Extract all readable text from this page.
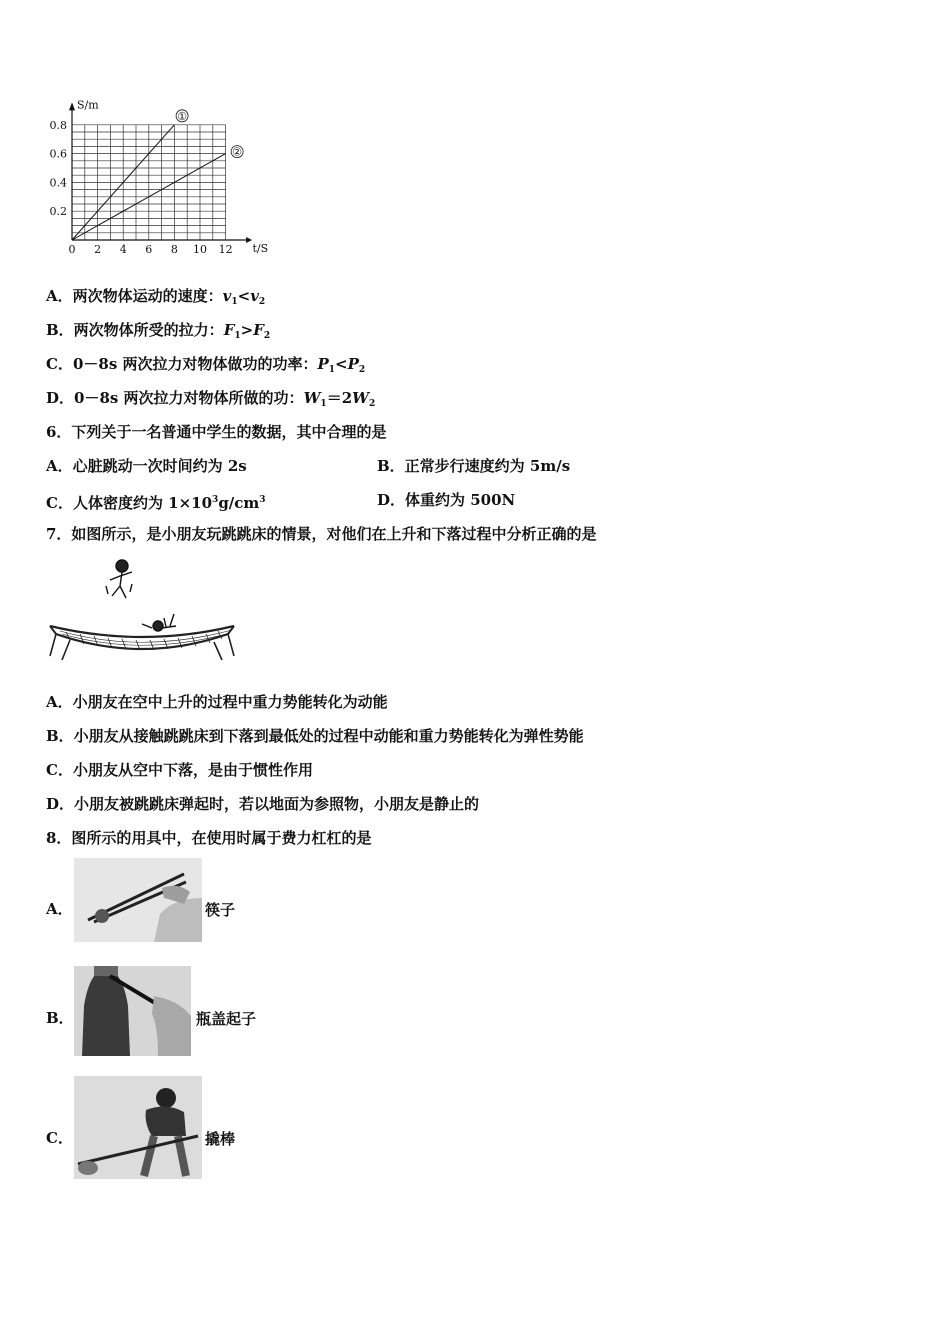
0 2 4 6 8 10 12
0.8
0.6
0.4
0.2
t/S
S/m
①
②
A．两次物体运动的速度：$v_1<v_2$
B．两次物体所受的拉力：$F_1>F_2$
C．0－8s 两次拉力对物体做功的功率：$P_1<P_2$
D．0－8s 两次拉力对物体所做的功：$W_1=2W_2$
6．下列关于一名普通中学生的数据，其中合理的是
A．心脏跳动一次时间约为 2s	B．正常步行速度约为 5m/s
C．人体密度约为 $1\times 10^3g/cm^3$	D．体重约为 500N
7．如图所示，是小朋友玩跳跳床的情景，对他们在上升和下落过程中分析正确的是
A．小朋友在空中上升的过程中重力势能转化为动能
B．小朋友从接触跳跳床到下落到最低处的过程中动能和重力势能转化为弹性势能
C．小朋友从空中下落，是由于惯性作用
D．小朋友被跳跳床弹起时，若以地面为参照物，小朋友是静止的
8．图所示的用具中，在使用时属于费力杠杠的是
A．	筷子
B．	瓶盖起子
C．	撬棒
